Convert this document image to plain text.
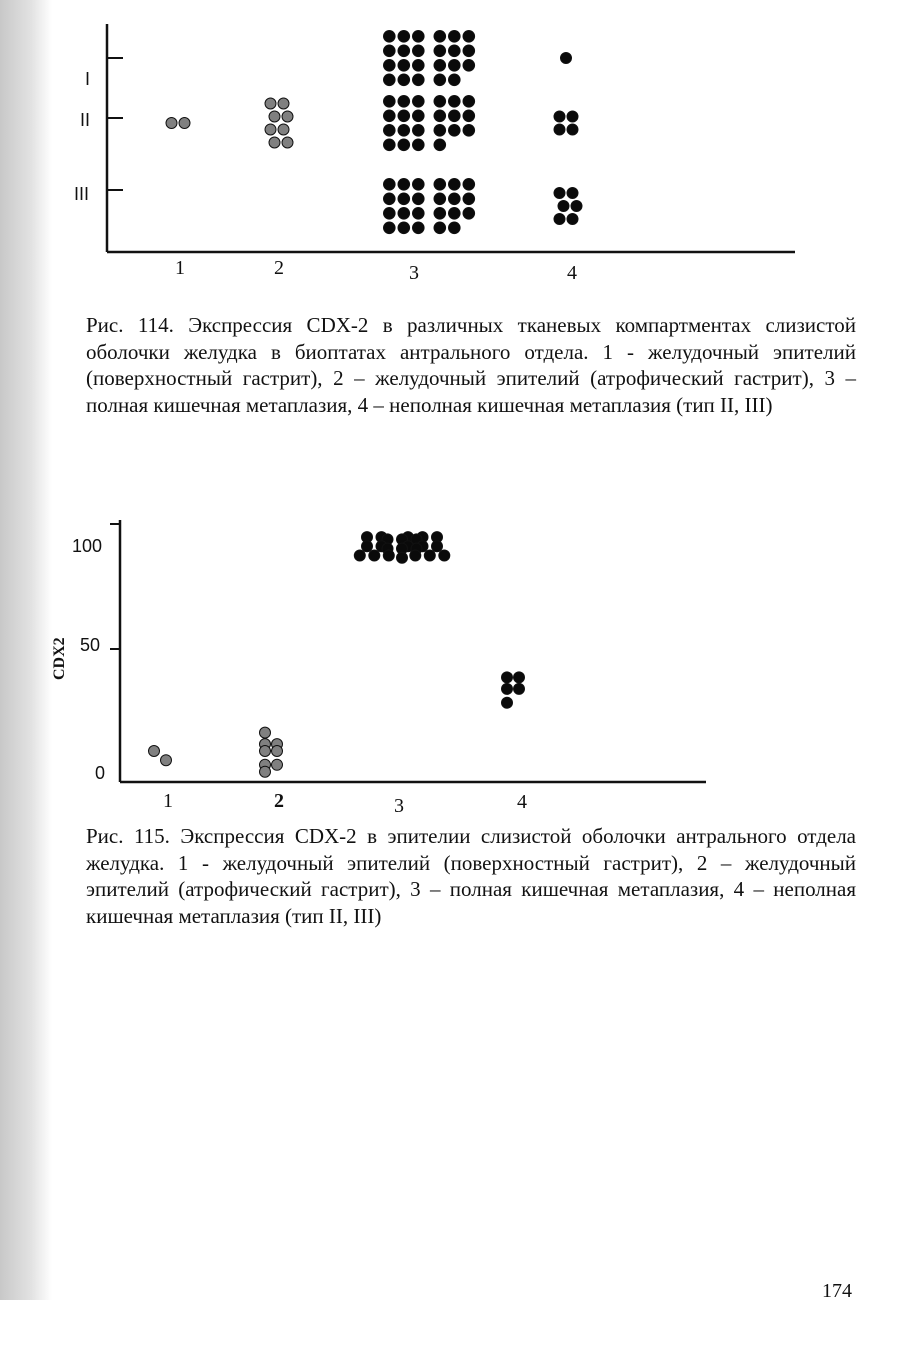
I
II
III
1	2	3	4

Рис. 114. Экспрессия CDX-2 в различных тканевых компартментах слизистой оболочки желудка в биоптатах антрального отдела. 1 - желудочный эпителий (поверхностный гастрит), 2 – желудочный эпителий (атрофический гастрит), 3 – полная кишечная метаплазия, 4 – неполная кишечная метаплазия (тип II, III)

100
50
0
CDX2
1	2	3	4

Рис. 115. Экспрессия CDX-2 в эпителии слизистой оболочки антрального отдела желудка. 1 - желудочный эпителий (поверхностный гастрит), 2 – желудочный эпителий (атрофический гастрит), 3 – полная кишечная метаплазия, 4 – неполная кишечная метаплазия (тип II, III)

174
